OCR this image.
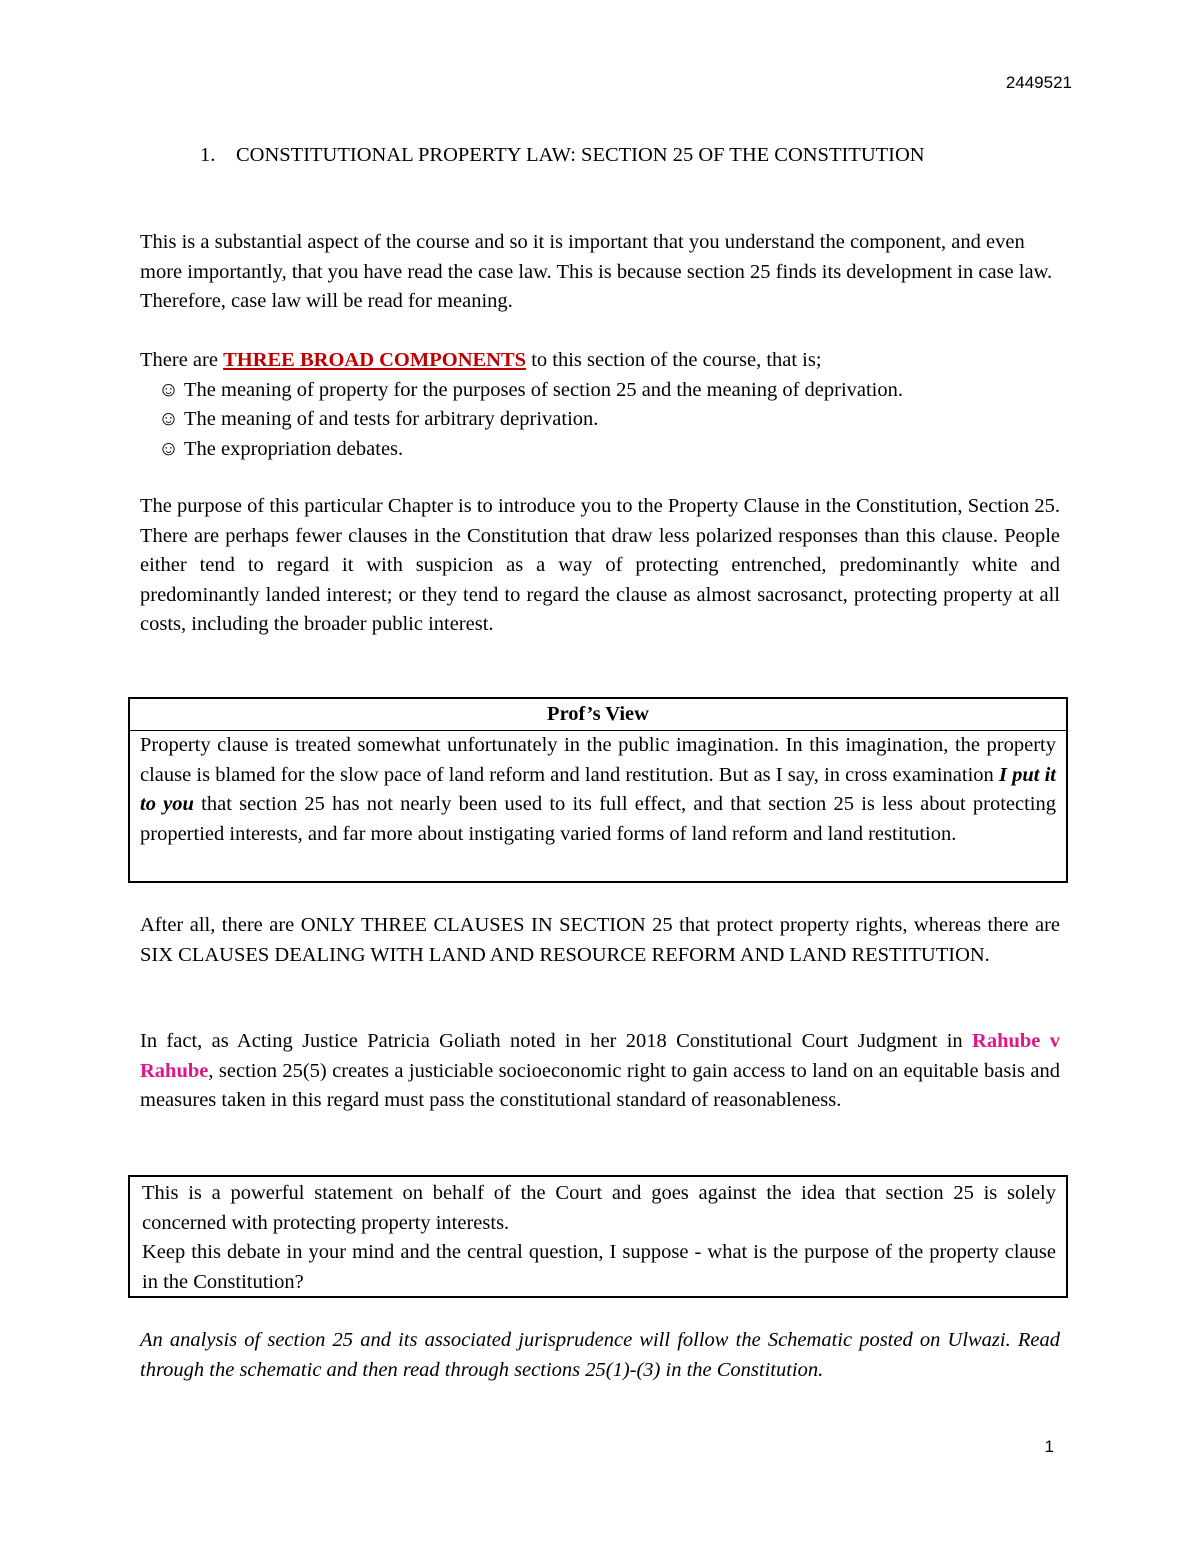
2449521
1. CONSTITUTIONAL PROPERTY LAW: SECTION 25 OF THE CONSTITUTION

This is a substantial aspect of the course and so it is important that you understand the component, and even more importantly, that you have read the case law. This is because section 25 finds its development in case law. Therefore, case law will be read for meaning.

There are THREE BROAD COMPONENTS to this section of the course, that is;

☺ The meaning of property for the purposes of section 25 and the meaning of deprivation.
☺ The meaning of and tests for arbitrary deprivation.
☺ The expropriation debates.

The purpose of this particular Chapter is to introduce you to the Property Clause in the Constitution, Section 25. There are perhaps fewer clauses in the Constitution that draw less polarized responses than this clause. People either tend to regard it with suspicion as a way of protecting entrenched, predominantly white and predominantly landed interest; or they tend to regard the clause as almost sacrosanct, protecting property at all costs, including the broader public interest.

Prof’s View
Property clause is treated somewhat unfortunately in the public imagination. In this imagination, the property clause is blamed for the slow pace of land reform and land restitution. But as I say, in cross examination I put it to you that section 25 has not nearly been used to its full effect, and that section 25 is less about protecting propertied interests, and far more about instigating varied forms of land reform and land restitution.

After all, there are ONLY THREE CLAUSES IN SECTION 25 that protect property rights, whereas there are SIX CLAUSES DEALING WITH LAND AND RESOURCE REFORM AND LAND RESTITUTION.

In fact, as Acting Justice Patricia Goliath noted in her 2018 Constitutional Court Judgment in Rahube v Rahube, section 25(5) creates a justiciable socioeconomic right to gain access to land on an equitable basis and measures taken in this regard must pass the constitutional standard of reasonableness.

This is a powerful statement on behalf of the Court and goes against the idea that section 25 is solely concerned with protecting property interests.

Keep this debate in your mind and the central question, I suppose - what is the purpose of the property clause in the Constitution?

An analysis of section 25 and its associated jurisprudence will follow the Schematic posted on Ulwazi. Read through the schematic and then read through sections 25(1)-(3) in the Constitution.

1
